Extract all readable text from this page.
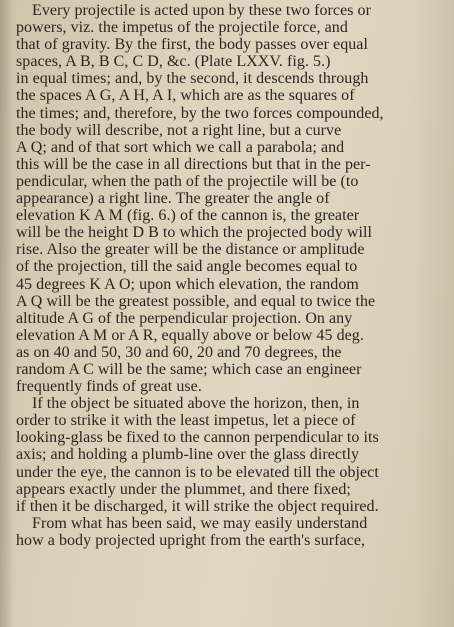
Every projectile is acted upon by these two forces or
powers, viz. the impetus of the projectile force, and
that of gravity. By the first, the body passes over equal
spaces, A B, B C, C D, &c. (Plate LXXV. fig. 5.)
in equal times; and, by the second, it descends through
the spaces A G, A H, A I, which are as the squares of
the times; and, therefore, by the two forces compounded,
the body will describe, not a right line, but a curve
A Q; and of that sort which we call a parabola; and
this will be the case in all directions but that in the per-
pendicular, when the path of the projectile will be (to
appearance) a right line. The greater the angle of
elevation K A M (fig. 6.) of the cannon is, the greater
will be the height D B to which the projected body will
rise. Also the greater will be the distance or amplitude
of the projection, till the said angle becomes equal to
45 degrees K A O; upon which elevation, the random
A Q will be the greatest possible, and equal to twice the
altitude A G of the perpendicular projection. On any
elevation A M or A R, equally above or below 45 deg.
as on 40 and 50, 30 and 60, 20 and 70 degrees, the
random A C will be the same; which case an engineer
frequently finds of great use.

If the object be situated above the horizon, then, in
order to strike it with the least impetus, let a piece of
looking-glass be fixed to the cannon perpendicular to its
axis; and holding a plumb-line over the glass directly
under the eye, the cannon is to be elevated till the object
appears exactly under the plummet, and there fixed;
if then it be discharged, it will strike the object required.

From what has been said, we may easily understand
how a body projected upright from the earth's surface,
